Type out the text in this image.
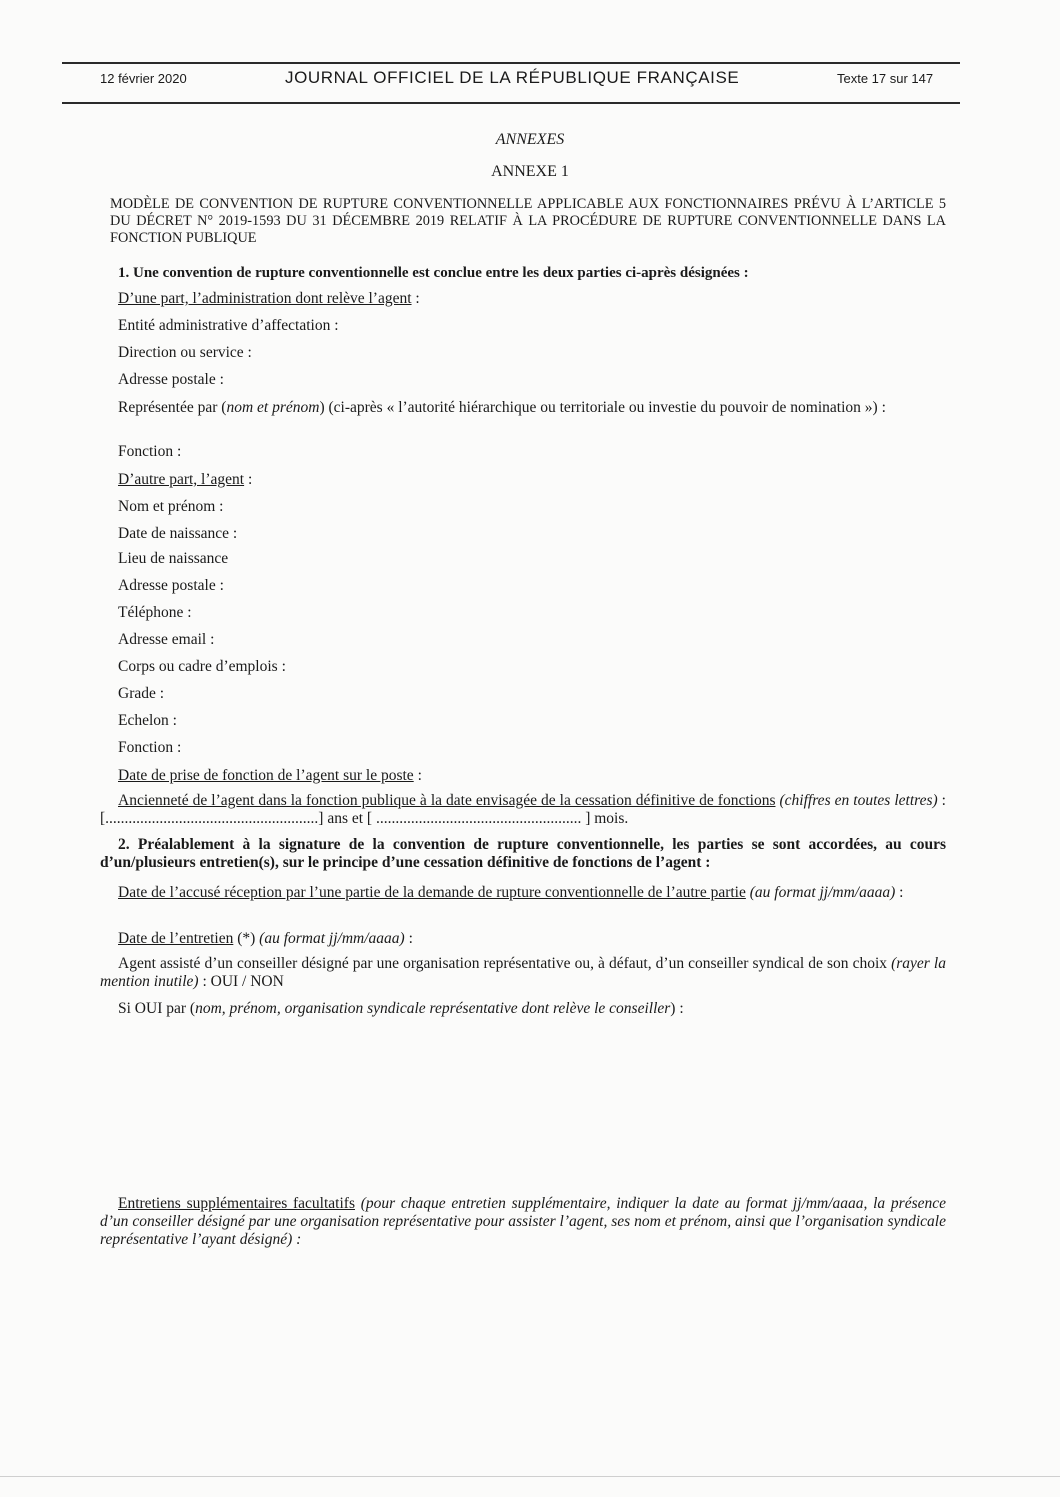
12 février 2020	JOURNAL OFFICIEL DE LA RÉPUBLIQUE FRANÇAISE	Texte 17 sur 147
ANNEXES
ANNEXE 1
MODÈLE DE CONVENTION DE RUPTURE CONVENTIONNELLE APPLICABLE AUX FONCTIONNAIRES PRÉVU À L’ARTICLE 5 DU DÉCRET N° 2019-1593 DU 31 DÉCEMBRE 2019 RELATIF À LA PROCÉDURE DE RUPTURE CONVENTIONNELLE DANS LA FONCTION PUBLIQUE
1. Une convention de rupture conventionnelle est conclue entre les deux parties ci-après désignées :
D’une part, l’administration dont relève l’agent :
Entité administrative d’affectation :
Direction ou service :
Adresse postale :
Représentée par (nom et prénom) (ci-après « l’autorité hiérarchique ou territoriale ou investie du pouvoir de nomination ») :
Fonction :
D’autre part, l’agent :
Nom et prénom :
Date de naissance :
Lieu de naissance
Adresse postale :
Téléphone :
Adresse email :
Corps ou cadre d’emplois :
Grade :
Echelon :
Fonction :
Date de prise de fonction de l’agent sur le poste :
Ancienneté de l’agent dans la fonction publique à la date envisagée de la cessation définitive de fonctions (chiffres en toutes lettres) : [.......................................................] ans et [ ..................................................... ] mois.
2. Préalablement à la signature de la convention de rupture conventionnelle, les parties se sont accordées, au cours d’un/plusieurs entretien(s), sur le principe d’une cessation définitive de fonctions de l’agent :
Date de l’accusé réception par l’une partie de la demande de rupture conventionnelle de l’autre partie (au format jj/mm/aaaa) :
Date de l’entretien (*) (au format jj/mm/aaaa) :
Agent assisté d’un conseiller désigné par une organisation représentative ou, à défaut, d’un conseiller syndical de son choix (rayer la mention inutile) : OUI / NON
Si OUI par (nom, prénom, organisation syndicale représentative dont relève le conseiller) :
Entretiens supplémentaires facultatifs (pour chaque entretien supplémentaire, indiquer la date au format jj/mm/aaaa, la présence d’un conseiller désigné par une organisation représentative pour assister l’agent, ses nom et prénom, ainsi que l’organisation syndicale représentative l’ayant désigné) :
